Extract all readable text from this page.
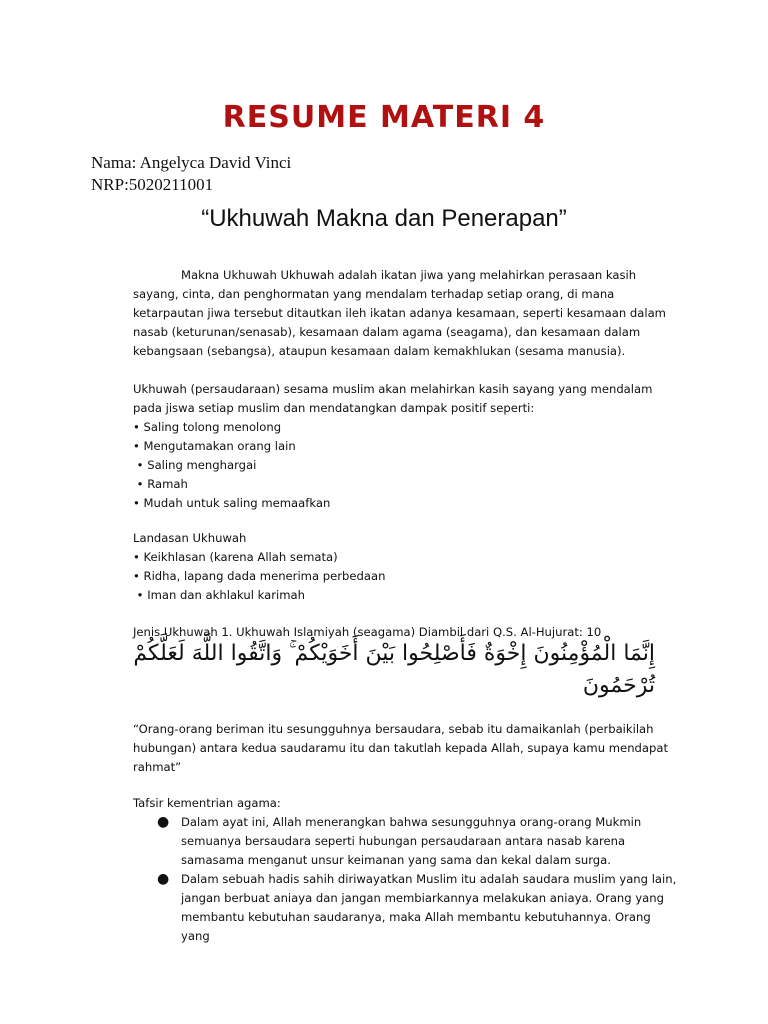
RESUME MATERI 4
Nama: Angelyca David Vinci
NRP:5020211001
“Ukhuwah Makna dan Penerapan”

Makna Ukhuwah Ukhuwah adalah ikatan jiwa yang melahirkan perasaan kasih sayang, cinta, dan penghormatan yang mendalam terhadap setiap orang, di mana ketarpautan jiwa tersebut ditautkan ileh ikatan adanya kesamaan, seperti kesamaan dalam nasab (keturunan/senasab), kesamaan dalam agama (seagama), dan kesamaan dalam kebangsaan (sebangsa), ataupun kesamaan dalam kemakhlukan (sesama manusia).

Ukhuwah (persaudaraan) sesama muslim akan melahirkan kasih sayang yang mendalam pada jiswa setiap muslim dan mendatangkan dampak positif seperti:

• Saling tolong menolong
• Mengutamakan orang lain
• Saling menghargai
• Ramah
• Mudah untuk saling memaafkan

Landasan Ukhuwah

• Keikhlasan (karena Allah semata)
• Ridha, lapang dada menerima perbedaan
• Iman dan akhlakul karimah

Jenis Ukhuwah 1. Ukhuwah Islamiyah (seagama) Diambil dari Q.S. Al-Hujurat: 10

إِنَّمَا الْمُؤْمِنُونَ إِخْوَةٌ فَأَصْلِحُوا بَيْنَ أَخَوَيْكُمْ ۚ وَاتَّقُوا اللَّهَ لَعَلَّكُمْ تُرْحَمُونَ

“Orang-orang beriman itu sesungguhnya bersaudara, sebab itu damaikanlah (perbaikilah hubungan) antara kedua saudaramu itu dan takutlah kepada Allah, supaya kamu mendapat rahmat”

Tafsir kementrian agama:

● Dalam ayat ini, Allah menerangkan bahwa sesungguhnya orang-orang Mukmin semuanya bersaudara seperti hubungan persaudaraan antara nasab karena samasama menganut unsur keimanan yang sama dan kekal dalam surga.
● Dalam sebuah hadis sahih diriwayatkan Muslim itu adalah saudara muslim yang lain, jangan berbuat aniaya dan jangan membiarkannya melakukan aniaya. Orang yang membantu kebutuhan saudaranya, maka Allah membantu kebutuhannya. Orang yang
